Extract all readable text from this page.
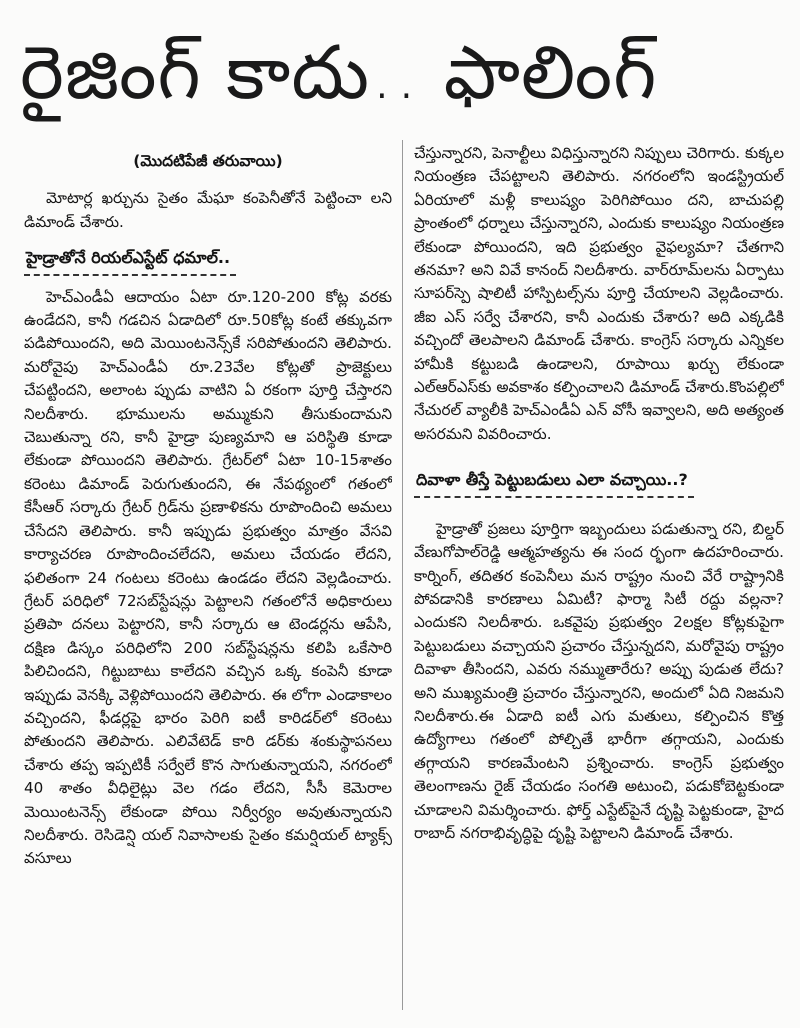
రైజింగ్ కాదు.. ఫాలింగ్
(మొదటిపేజీ తరువాయి)

మోటార్ల ఖర్చును సైతం మేఘా కంపెనీతోనే పెట్టించా లని డిమాండ్ చేశారు.

హైడ్రాతోనే రియల్ఎస్టేట్ ధమాల్..

హెచ్ఎండీఏ ఆదాయం ఏటా రూ.120-200 కోట్ల వరకు ఉండేదని, కానీ గడచిన ఏడాదిలో రూ.50కోట్ల కంటే తక్కువగా పడిపోయిందని, అది మెయింటనెన్స్‌కే సరిపోతుందని తెలిపారు. మరోవైపు హెచ్ఎండీఏ రూ.23వేల కోట్లతో ప్రాజెక్టులు చేపట్టిందని, అలాంట ప్పుడు వాటిని ఏ రకంగా పూర్తి చేస్తారని నిలదీశారు. భూములను అమ్ముకుని తీసుకుందామని చెబుతున్నా రని, కానీ హైడ్రా పుణ్యమాని ఆ పరిస్థితి కూడా లేకుండా పోయిందని తెలిపారు. గ్రేటర్‌లో ఏటా 10-15శాతం కరెంటు డిమాండ్ పెరుగుతుందని, ఈ నేపథ్యంలో గతంలో కేసీఆర్ సర్కారు గ్రేటర్ గ్రిడ్‌ను ప్రణాళికను రూపొందించి అమలు చేసేదని తెలిపారు. కానీ ఇప్పుడు ప్రభుత్వం మాత్రం వేసవి కార్యాచరణ రూపొందించలేదని, అమలు చేయడం లేదని, ఫలితంగా 24 గంటలు కరెంటు ఉండడం లేదని వెల్లడించారు. గ్రేటర్ పరిధిలో 72సబ్‌స్టేషన్లు పెట్టాలని గతంలోనే అధికారులు ప్రతిపా దనలు పెట్టారని, కానీ సర్కారు ఆ టెండర్లను ఆపేసి, దక్షిణ డిస్కం పరిధిలోని 200 సబ్‌స్టేషన్లను కలిపి ఒకేసారి పిలిచిందని, గిట్టుబాటు కాలేదని వచ్చిన ఒక్క కంపెనీ కూడా ఇప్పుడు వెనక్కి వెళ్లిపోయిందని తెలిపారు. ఈ లోగా ఎండాకాలం వచ్చిందని, ఫీడర్లపై భారం పెరిగి ఐటీ కారిడర్‌లో కరెంటు పోతుందని తెలిపారు. ఎలివేటెడ్ కారి డర్‌కు శంకుస్థాపనలు చేశారు తప్ప ఇప్పటికీ సర్వేలే కొన సాగుతున్నాయని, నగరంలో 40 శాతం వీధిలైట్లు వెల గడం లేదని, సీసీ కెమెరాల మెయింటనెన్స్ లేకుండా పోయి నిర్వీర్యం అవుతున్నాయని నిలదీశారు. రెసిడెన్షి యల్ నివాసాలకు సైతం కమర్షియల్ ట్యాక్స్ వసూలు

చేస్తున్నారని, పెనాల్టీలు విధిస్తున్నారని నిప్పులు చెరిగారు. కుక్కల నియంత్రణ చేపట్టాలని తెలిపారు. నగరంలోని ఇండస్ట్రియల్ ఏరియాలో మళ్లీ కాలుష్యం పెరిగిపోయిం దని, బాచుపల్లి ప్రాంతంలో ధర్నాలు చేస్తున్నారని, ఎందుకు కాలుష్యం నియంత్రణ లేకుండా పోయిందని, ఇది ప్రభుత్వం వైఫల్యమా? చేతగాని తనమా? అని వివే కానంద్ నిలదీశారు. వార్‌రూమ్‌లను ఏర్పాటు సూపర్‌స్పె షాలిటీ హాస్పిటల్స్‌ను పూర్తి చేయాలని వెల్లడించారు. జీఐ ఎస్ సర్వే చేశారని, కానీ ఎందుకు చేశారు? అది ఎక్కడికి వచ్చిందో తెలపాలని డిమాండ్ చేశారు. కాంగ్రెస్ సర్కారు ఎన్నికల హామీకి కట్టుబడి ఉండాలని, రూపాయి ఖర్చు లేకుండా ఎల్ఆర్ఎస్‌కు అవకాశం కల్పించాలని డిమాండ్ చేశారు.కొంపల్లిలో నేచురల్ వ్యాలీకి హెచ్ఎండీఏ ఎన్ వోసీ ఇవ్వాలని, అది అత్యంత అసరమని వివరించారు.

దివాళా తీస్తే పెట్టుబడులు ఎలా వచ్చాయి..?

హైడ్రాతో ప్రజలు పూర్తిగా ఇబ్బందులు పడుతున్నా రని, బిల్డర్ వేణుగోపాల్‌రెడ్డి ఆత్మహత్యను ఈ సంద ర్భంగా ఉదహరించారు. కార్నింగ్, తదితర కంపెనీలు మన రాష్ట్రం నుంచి వేరే రాష్ట్రానికి పోవడానికి కారణాలు ఏమిటీ? ఫార్మా సిటీ రద్దు వల్లనా? ఎందుకని నిలదీశారు. ఒకవైపు ప్రభుత్వం 2లక్షల కోట్లకుపైగా పెట్టుబడులు వచ్చాయని ప్రచారం చేస్తున్నదని, మరోవైపు రాష్ట్రం దివాళా తీసిందని, ఎవరు నమ్ముతారేరు? అప్పు పుడుత లేదు? అని ముఖ్యమంత్రి ప్రచారం చేస్తున్నారని, అందులో ఏది నిజమని నిలదీశారు.ఈ ఏడాది ఐటీ ఎగు మతులు, కల్పించిన కొత్త ఉద్యోగాలు గతంలో పోల్చితే భారీగా తగ్గాయని, ఎందుకు తగ్గాయని కారణమేంటని ప్రశ్నించారు. కాంగ్రెస్ ప్రభుత్వం తెలంగాణను రైజ్ చేయడం సంగతి అటుంచి, పడుకోబెట్టకుండా చూడాలని విమర్శించారు. ఫోర్త్ ఎస్టేట్‌పైనే దృష్టి పెట్టకుండా, హైద రాబాద్ నగరాభివృద్ధిపై దృష్టి పెట్టాలని డిమాండ్ చేశారు.
